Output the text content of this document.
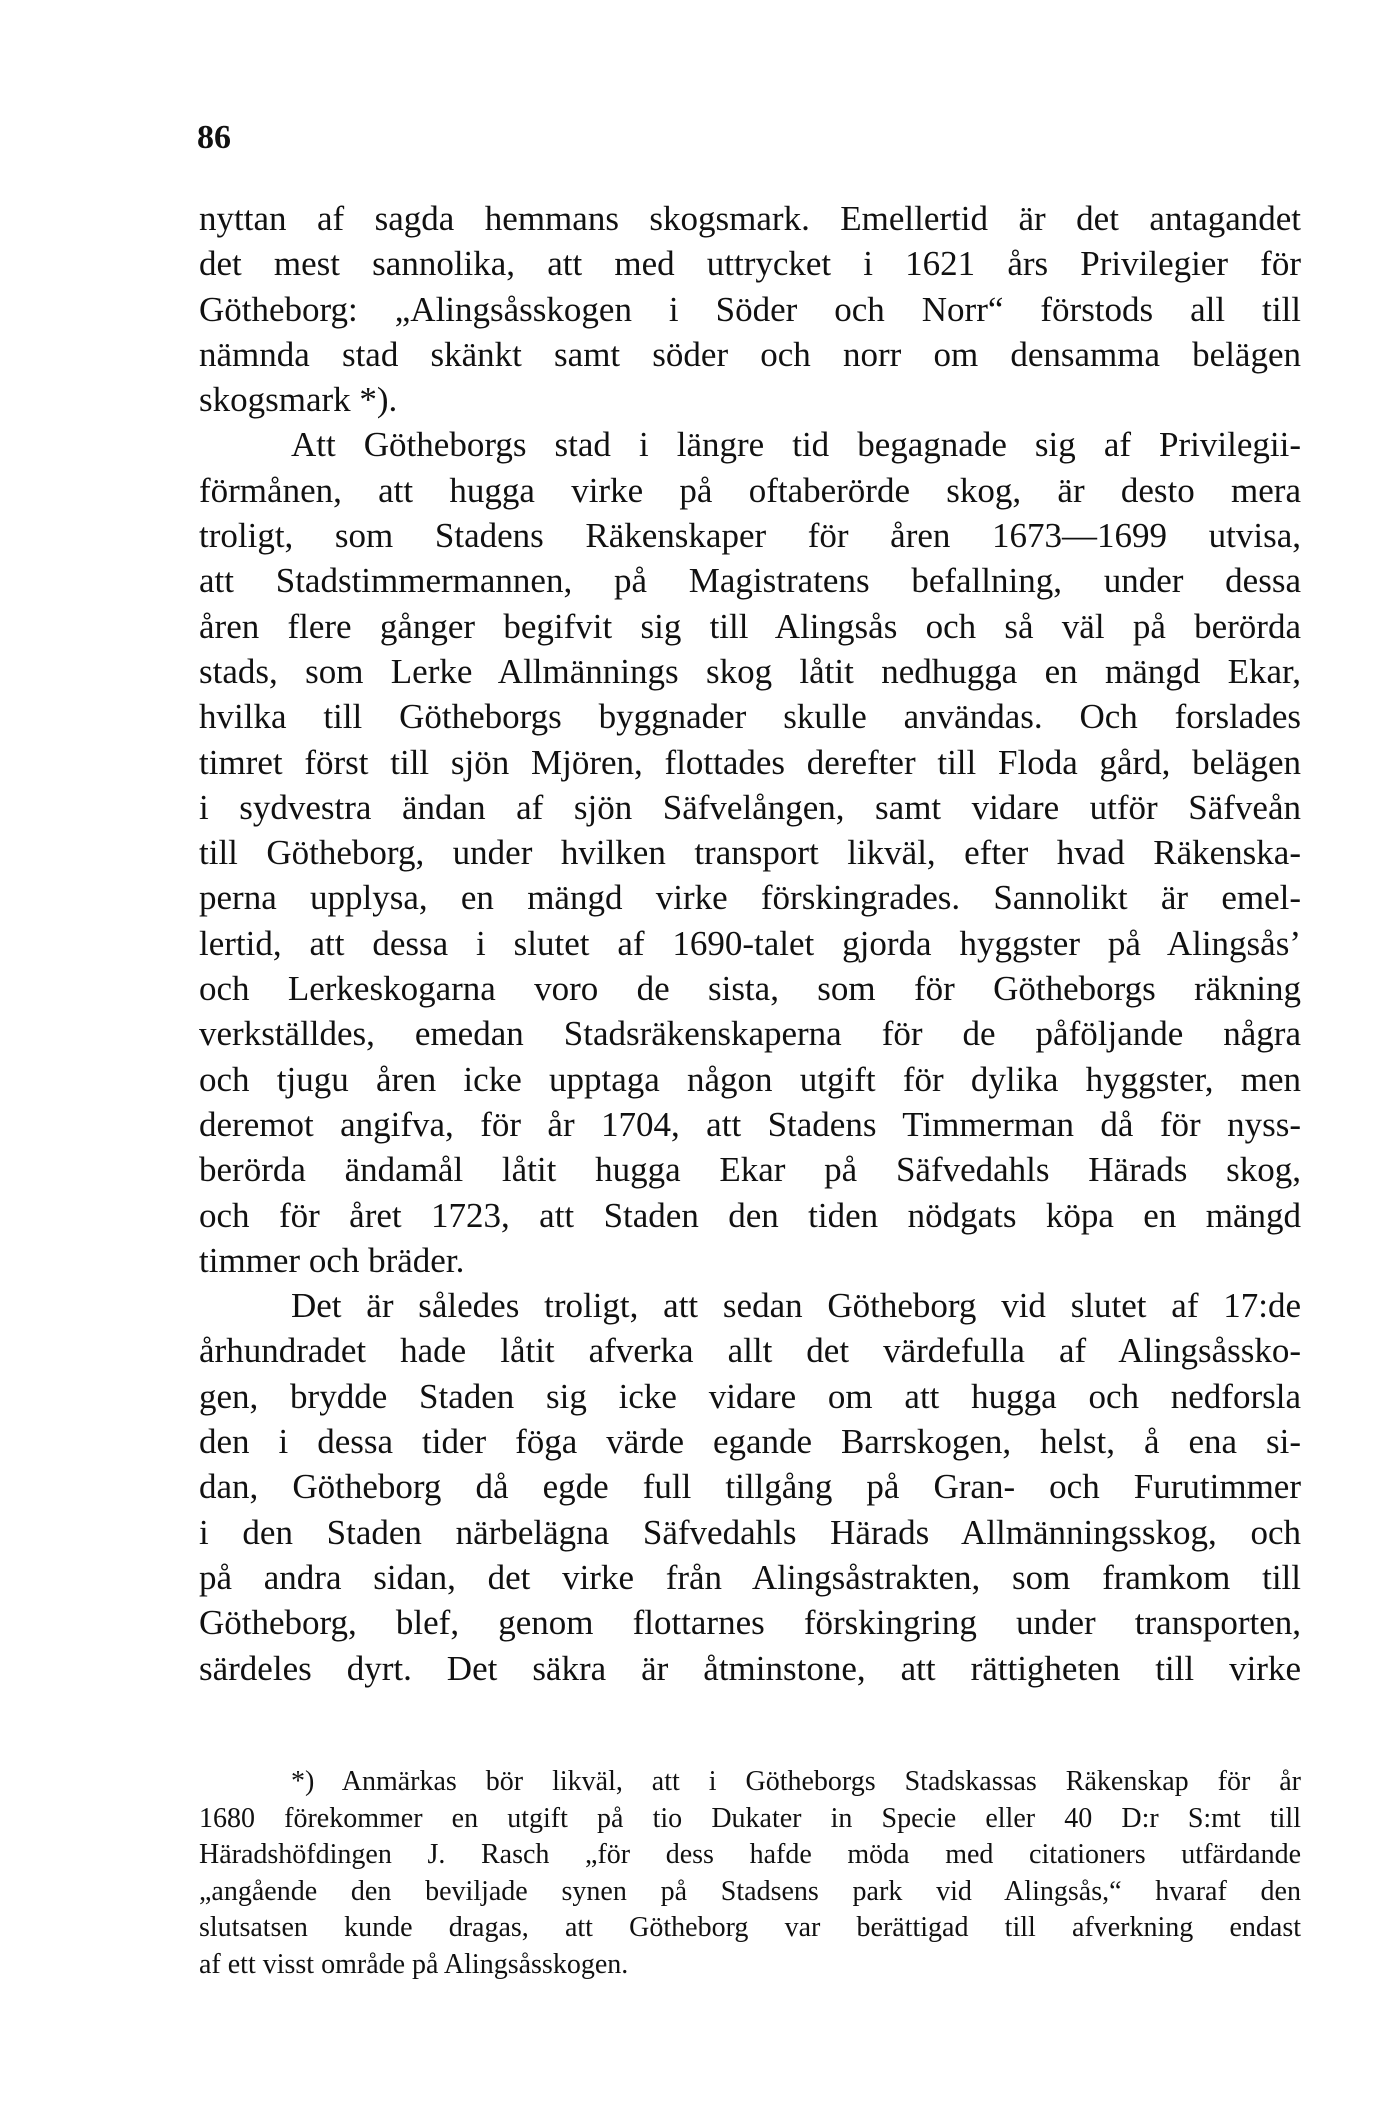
86
nyttan af sagda hemmans skogsmark. Emellertid är det antagandet
det mest sannolika, att med uttrycket i 1621 års Privilegier för
Götheborg: „Alingsåsskogen i Söder och Norr“ förstods all till
nämnda stad skänkt samt söder och norr om densamma belägen
skogsmark *).
Att Götheborgs stad i längre tid begagnade sig af Privilegii-
förmånen, att hugga virke på oftaberörde skog, är desto mera
troligt, som Stadens Räkenskaper för åren 1673—1699 utvisa,
att Stadstimmermannen, på Magistratens befallning, under dessa
åren flere gånger begifvit sig till Alingsås och så väl på berörda
stads, som Lerke Allmännings skog låtit nedhugga en mängd Ekar,
hvilka till Götheborgs byggnader skulle användas. Och forslades
timret först till sjön Mjören, flottades derefter till Floda gård, belägen
i sydvestra ändan af sjön Säfvelången, samt vidare utför Säfveån
till Götheborg, under hvilken transport likväl, efter hvad Räkenska-
perna upplysa, en mängd virke förskingrades. Sannolikt är emel-
lertid, att dessa i slutet af 1690-talet gjorda hyggster på Alingsås’
och Lerkeskogarna voro de sista, som för Götheborgs räkning
verkställdes, emedan Stadsräkenskaperna för de påföljande några
och tjugu åren icke upptaga någon utgift för dylika hyggster, men
deremot angifva, för år 1704, att Stadens Timmerman då för nyss-
berörda ändamål låtit hugga Ekar på Säfvedahls Härads skog,
och för året 1723, att Staden den tiden nödgats köpa en mängd
timmer och bräder.
Det är således troligt, att sedan Götheborg vid slutet af 17:de
århundradet hade låtit afverka allt det värdefulla af Alingsåssko-
gen, brydde Staden sig icke vidare om att hugga och nedforsla
den i dessa tider föga värde egande Barrskogen, helst, å ena si-
dan, Götheborg då egde full tillgång på Gran- och Furutimmer
i den Staden närbelägna Säfvedahls Härads Allmänningsskog, och
på andra sidan, det virke från Alingsåstrakten, som framkom till
Götheborg, blef, genom flottarnes förskingring under transporten,
särdeles dyrt. Det säkra är åtminstone, att rättigheten till virke
*) Anmärkas bör likväl, att i Götheborgs Stadskassas Räkenskap för år
1680 förekommer en utgift på tio Dukater in Specie eller 40 D:r S:mt till
Häradshöfdingen J. Rasch „för dess hafde möda med citationers utfärdande
„angående den beviljade synen på Stadsens park vid Alingsås,“ hvaraf den
slutsatsen kunde dragas, att Götheborg var berättigad till afverkning endast
af ett visst område på Alingsåsskogen.
